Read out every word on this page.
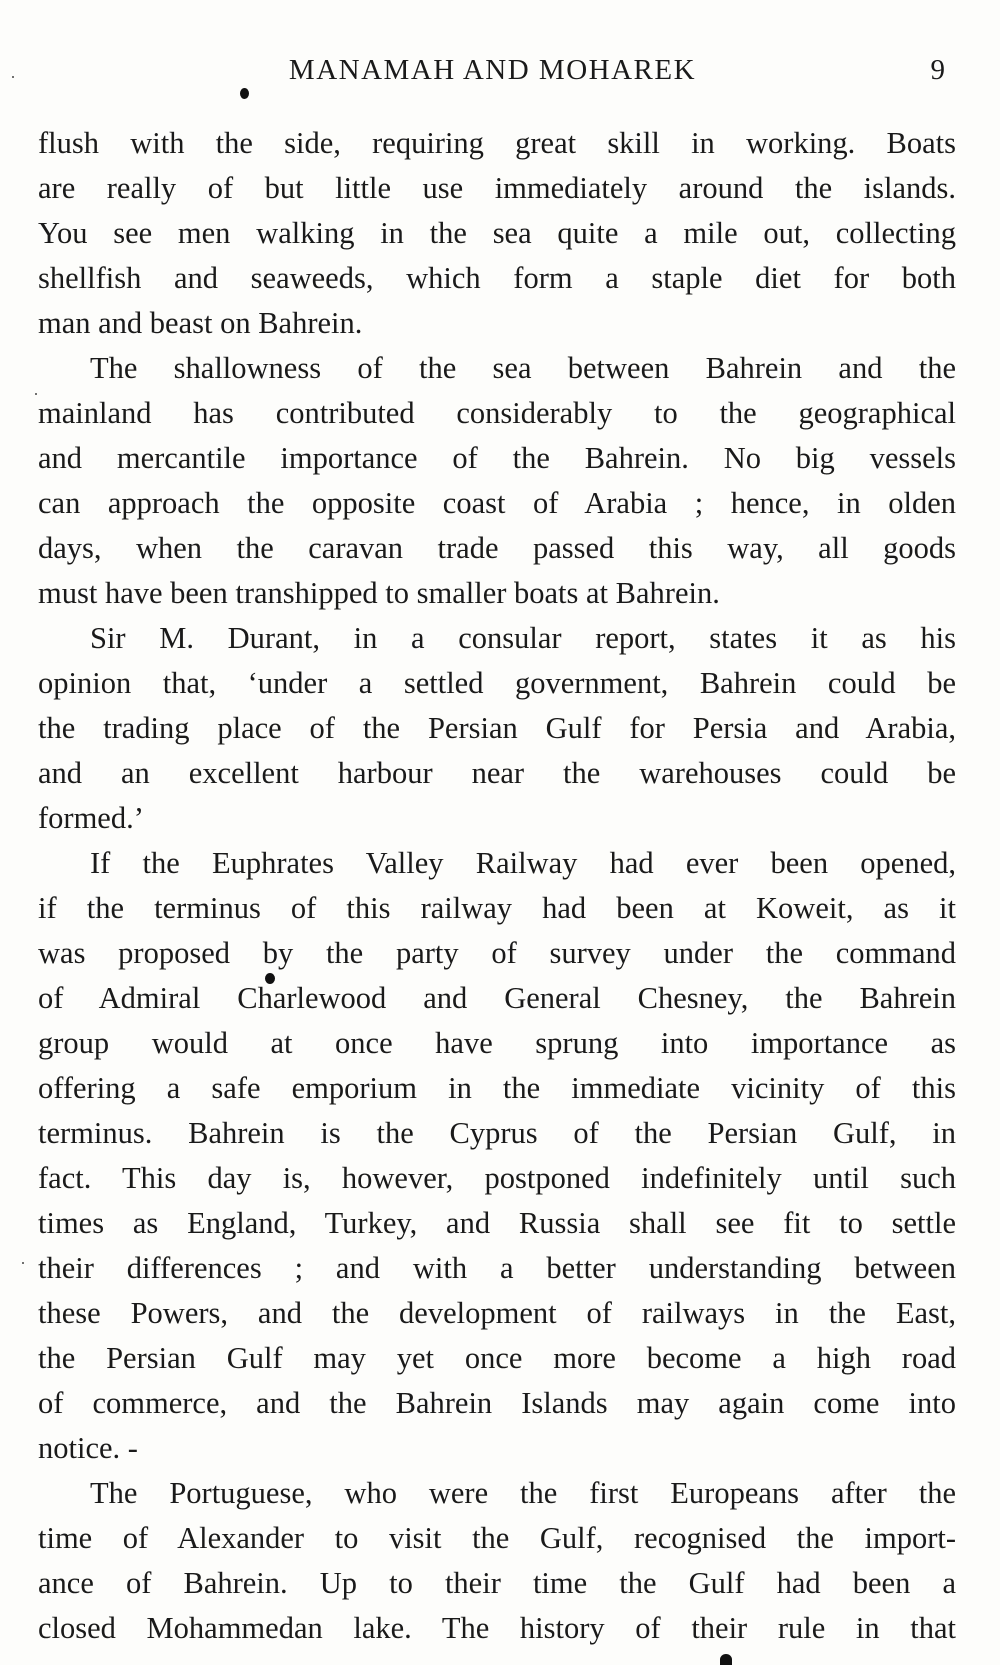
MANAMAH AND MOHAREK	9
flush with the side, requiring great skill in working. Boats
are really of but little use immediately around the islands.
You see men walking in the sea quite a mile out, collecting
shellfish and seaweeds, which form a staple diet for both
man and beast on Bahrein.
The shallowness of the sea between Bahrein and the
mainland has contributed considerably to the geographical
and mercantile importance of the Bahrein. No big vessels
can approach the opposite coast of Arabia ; hence, in olden
days, when the caravan trade passed this way, all goods
must have been transhipped to smaller boats at Bahrein.
Sir M. Durant, in a consular report, states it as his
opinion that, ‘under a settled government, Bahrein could be
the trading place of the Persian Gulf for Persia and Arabia,
and an excellent harbour near the warehouses could be
formed.’
If the Euphrates Valley Railway had ever been opened,
if the terminus of this railway had been at Koweit, as it
was proposed by the party of survey under the command
of Admiral Charlewood and General Chesney, the Bahrein
group would at once have sprung into importance as
offering a safe emporium in the immediate vicinity of this
terminus. Bahrein is the Cyprus of the Persian Gulf, in
fact. This day is, however, postponed indefinitely until such
times as England, Turkey, and Russia shall see fit to settle
their differences ; and with a better understanding between
these Powers, and the development of railways in the East,
the Persian Gulf may yet once more become a high road
of commerce, and the Bahrein Islands may again come into
notice. -
The Portuguese, who were the first Europeans after the
time of Alexander to visit the Gulf, recognised the import-
ance of Bahrein. Up to their time the Gulf had been a
closed Mohammedan lake. The history of their rule in that
